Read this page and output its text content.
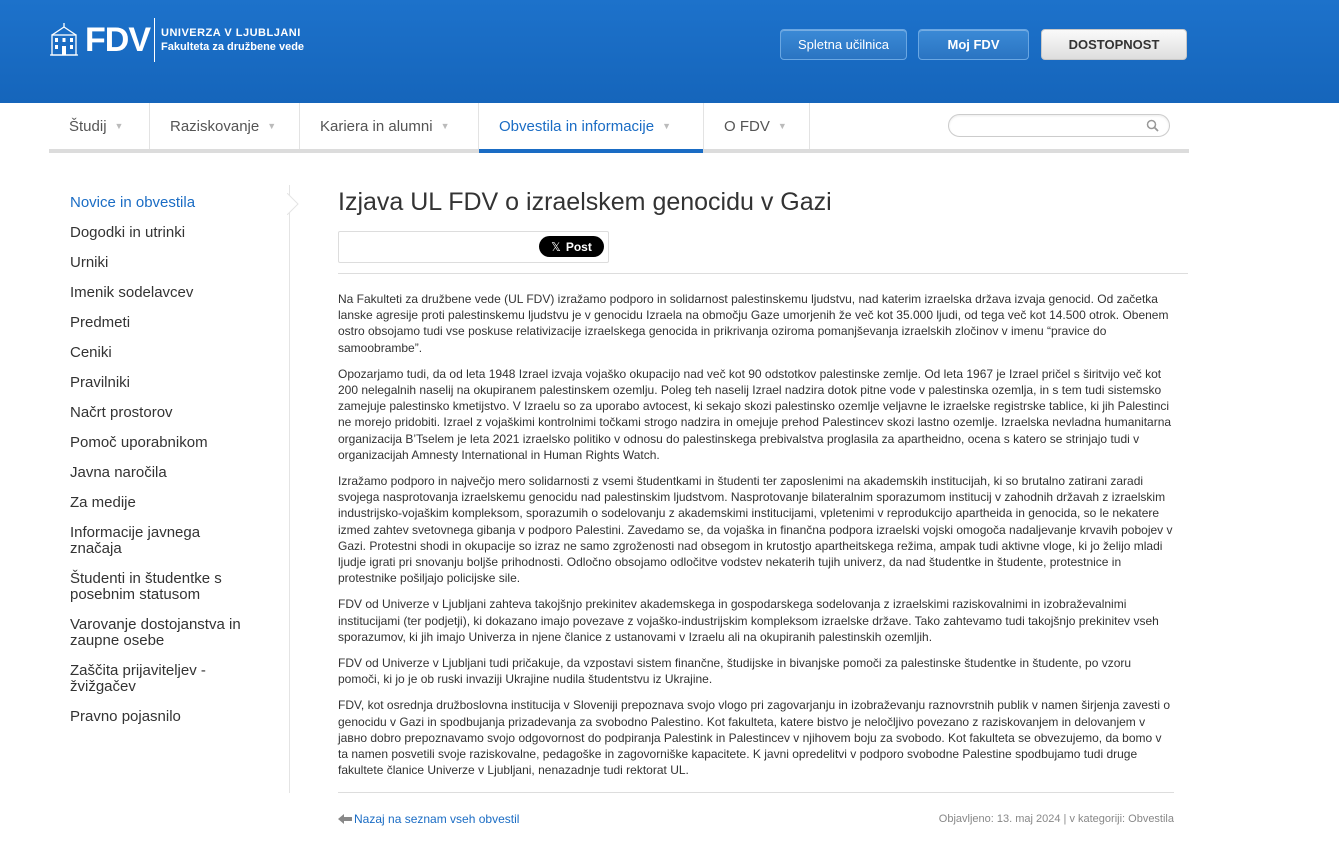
FDV UNIVERZA V LJUBLJANI
Fakulteta za družbene vede	Spletna učilnica	Moj FDV	DOSTOPNOST
Študij ▼	Raziskovanje ▼	Kariera in alumni ▼	Obvestila in informacije ▼	O FDV ▼
Novice in obvestila
Dogodki in utrinki
Urniki
Imenik sodelavcev
Predmeti
Ceniki
Pravilniki
Načrt prostorov
Pomoč uporabnikom
Javna naročila
Za medije
Informacije javnega značaja
Študenti in študentke s posebnim statusom
Varovanje dostojanstva in zaupne osebe
Zaščita prijaviteljev - žvižgačev
Pravno pojasnilo
Izjava UL FDV o izraelskem genocidu v Gazi
𝕏 Post

Na Fakulteti za družbene vede (UL FDV) izražamo podporo in solidarnost palestinskemu ljudstvu, nad katerim izraelska država izvaja genocid. Od začetka lanske agresije proti palestinskemu ljudstvu je v genocidu Izraela na območju Gaze umorjenih že več kot 35.000 ljudi, od tega več kot 14.500 otrok. Obenem ostro obsojamo tudi vse poskuse relativizacije izraelskega genocida in prikrivanja oziroma pomanjševanja izraelskih zločinov v imenu “pravice do samoobrambe”.

Opozarjamo tudi, da od leta 1948 Izrael izvaja vojaško okupacijo nad več kot 90 odstotkov palestinske zemlje. Od leta 1967 je Izrael pričel s širitvijo več kot 200 nelegalnih naselij na okupiranem palestinskem ozemlju. Poleg teh naselij Izrael nadzira dotok pitne vode v palestinska ozemlja, in s tem tudi sistemsko zamejuje palestinsko kmetijstvo. V Izraelu so za uporabo avtocest, ki sekajo skozi palestinsko ozemlje veljavne le izraelske registrske tablice, ki jih Palestinci ne morejo pridobiti. Izrael z vojaškimi kontrolnimi točkami strogo nadzira in omejuje prehod Palestincev skozi lastno ozemlje. Izraelska nevladna humanitarna organizacija B’Tselem je leta 2021 izraelsko politiko v odnosu do palestinskega prebivalstva proglasila za apartheidno, ocena s katero se strinjajo tudi v organizacijah Amnesty International in Human Rights Watch.

Izražamo podporo in največjo mero solidarnosti z vsemi študentkami in študenti ter zaposlenimi na akademskih institucijah, ki so brutalno zatirani zaradi svojega nasprotovanja izraelskemu genocidu nad palestinskim ljudstvom. Nasprotovanje bilateralnim sporazumom institucij v zahodnih državah z izraelskim industrijsko-vojaškim kompleksom, sporazumih o sodelovanju z akademskimi institucijami, vpletenimi v reprodukcijo apartheida in genocida, so le nekatere izmed zahtev svetovnega gibanja v podporo Palestini. Zavedamo se, da vojaška in finančna podpora izraelski vojski omogoča nadaljevanje krvavih pobojev v Gazi. Protestni shodi in okupacije so izraz ne samo zgroženosti nad obsegom in krutostjo apartheitskega režima, ampak tudi aktivne vloge, ki jo želijo mladi ljudje igrati pri snovanju boljše prihodnosti. Odločno obsojamo odločitve vodstev nekaterih tujih univerz, da nad študentke in študente, protestnice in protestnike pošiljajo policijske sile.

FDV od Univerze v Ljubljani zahteva takojšnjo prekinitev akademskega in gospodarskega sodelovanja z izraelskimi raziskovalnimi in izobraževalnimi institucijami (ter podjetji), ki dokazano imajo povezave z vojaško-industrijskim kompleksom izraelske države. Tako zahtevamo tudi takojšnjo prekinitev vseh sporazumov, ki jih imajo Univerza in njene članice z ustanovami v Izraelu ali na okupiranih palestinskih ozemljih.

FDV od Univerze v Ljubljani tudi pričakuje, da vzpostavi sistem finančne, študijske in bivanjske pomoči za palestinske študentke in študente, po vzoru pomoči, ki jo je ob ruski invaziji Ukrajine nudila študentstvu iz Ukrajine.

FDV, kot osrednja družboslovna institucija v Sloveniji prepoznava svojo vlogo pri zagovarjanju in izobraževanju raznovrstnih publik v namen širjenja zavesti o genocidu v Gazi in spodbujanja prizadevanja za svobodno Palestino. Kot fakulteta, katere bistvo je neločljivo povezano z raziskovanjem in delovanjem v jавно dobro prepoznavamo svojo odgovornost do podpiranja Palestink in Palestincev v njihovem boju za svobodo. Kot fakulteta se obvezujemo, da bomo v ta namen posvetili svoje raziskovalne, pedagoške in zagovorniške kapacitete. K javni opredelitvi v podporo svobodne Palestine spodbujamo tudi druge fakultete članice Univerze v Ljubljani, nenazadnje tudi rektorat UL.

Nazaj na seznam vseh obvestil	Objavljeno: 13. maj 2024 | v kategoriji: Obvestila
